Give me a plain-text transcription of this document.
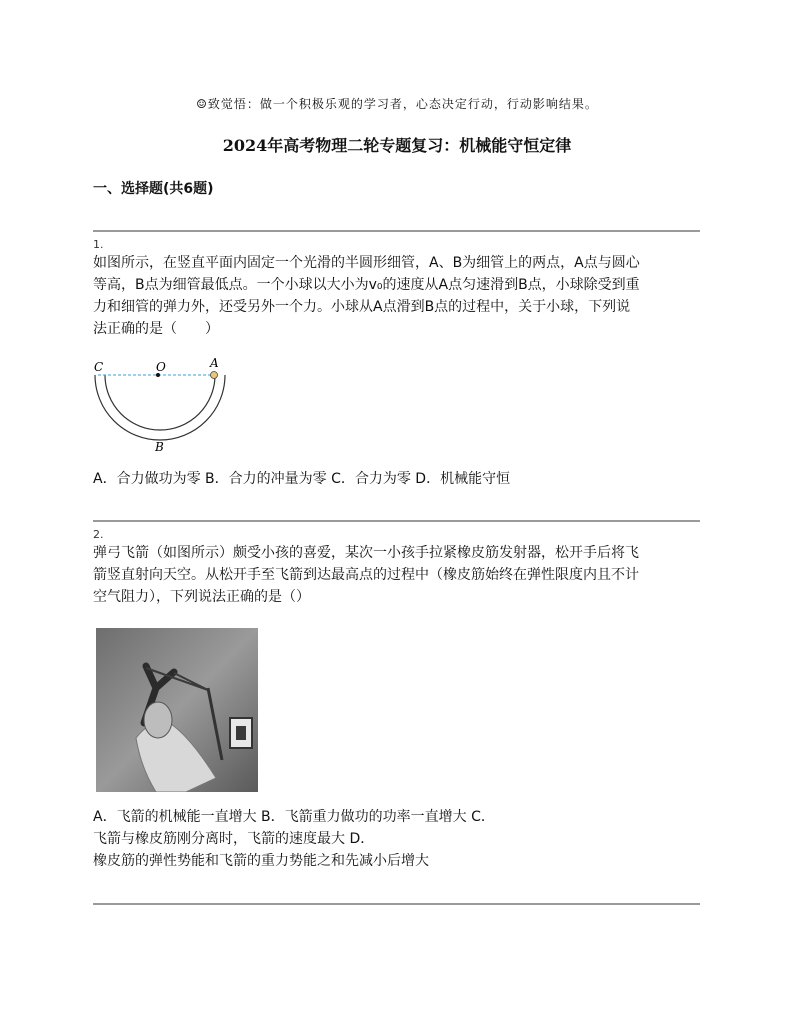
☺致觉悟：做一个积极乐观的学习者，心态决定行动，行动影响结果。
2024年高考物理二轮专题复习：机械能守恒定律
一、选择题(共6题)
1.
如图所示，在竖直平面内固定一个光滑的半圆形细管，A、B为细管上的两点，A点与圆心
等高，B点为细管最低点。一个小球以大小为v₀的速度从A点匀速滑到B点，小球除受到重
力和细管的弹力外，还受另外一个力。小球从A点滑到B点的过程中，关于小球，下列说
法正确的是（　　）
C	O	A
B
A．合力做功为零 B．合力的冲量为零 C．合力为零 D．机械能守恒
2.
弹弓飞箭（如图所示）颇受小孩的喜爱，某次一小孩手拉紧橡皮筋发射器，松开手后将飞
箭竖直射向天空。从松开手至飞箭到达最高点的过程中（橡皮筋始终在弹性限度内且不计
空气阻力），下列说法正确的是（）
A．飞箭的机械能一直增大 B．飞箭重力做功的功率一直增大 C．
飞箭与橡皮筋刚分离时，飞箭的速度最大 D．
橡皮筋的弹性势能和飞箭的重力势能之和先减小后增大
